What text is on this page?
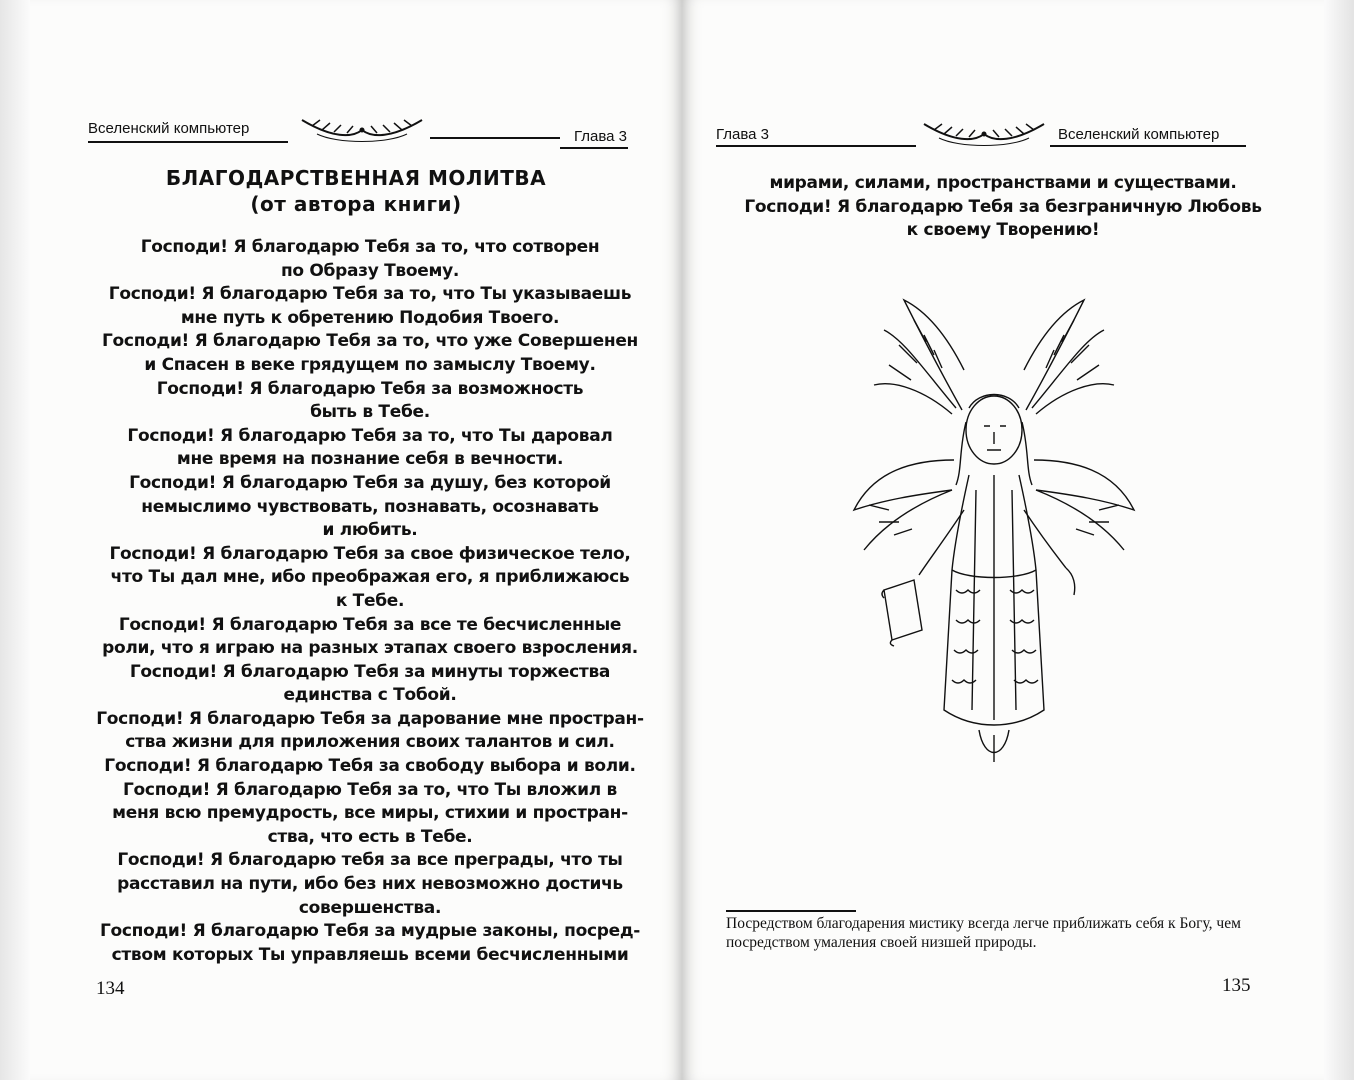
Вселенский компьютер	Глава 3
БЛАГОДАРСТВЕННАЯ МОЛИТВА
(от автора книги)
Господи! Я благодарю Тебя за то, что сотворен
по Образу Твоему.
Господи! Я благодарю Тебя за то, что Ты указываешь
мне путь к обретению Подобия Твоего.
Господи! Я благодарю Тебя за то, что уже Совершенен
и Спасен в веке грядущем по замыслу Твоему.
Господи! Я благодарю Тебя за возможность
быть в Тебе.
Господи! Я благодарю Тебя за то, что Ты даровал
мне время на познание себя в вечности.
Господи! Я благодарю Тебя за душу, без которой
немыслимо чувствовать, познавать, осознавать
и любить.
Господи! Я благодарю Тебя за свое физическое тело,
что Ты дал мне, ибо преображая его, я приближаюсь
к Тебе.
Господи! Я благодарю Тебя за все те бесчисленные
роли, что я играю на разных этапах своего взросления.
Господи! Я благодарю Тебя за минуты торжества
единства с Тобой.
Господи! Я благодарю Тебя за дарование мне простран-
ства жизни для приложения своих талантов и сил.
Господи! Я благодарю Тебя за свободу выбора и воли.
Господи! Я благодарю Тебя за то, что Ты вложил в
меня всю премудрость, все миры, стихии и простран-
ства, что есть в Тебе.
Господи! Я благодарю тебя за все преграды, что ты
расставил на пути, ибо без них невозможно достичь
совершенства.
Господи! Я благодарю Тебя за мудрые законы, посред-
ством которых Ты управляешь всеми бесчисленными
134
Глава 3	Вселенский компьютер
мирами, силами, пространствами и существами.
Господи! Я благодарю Тебя за безграничную Любовь
к своему Творению!
Посредством благодарения мистику всегда легче приближать себя к Богу, чем посредством умаления своей низшей природы.
135
